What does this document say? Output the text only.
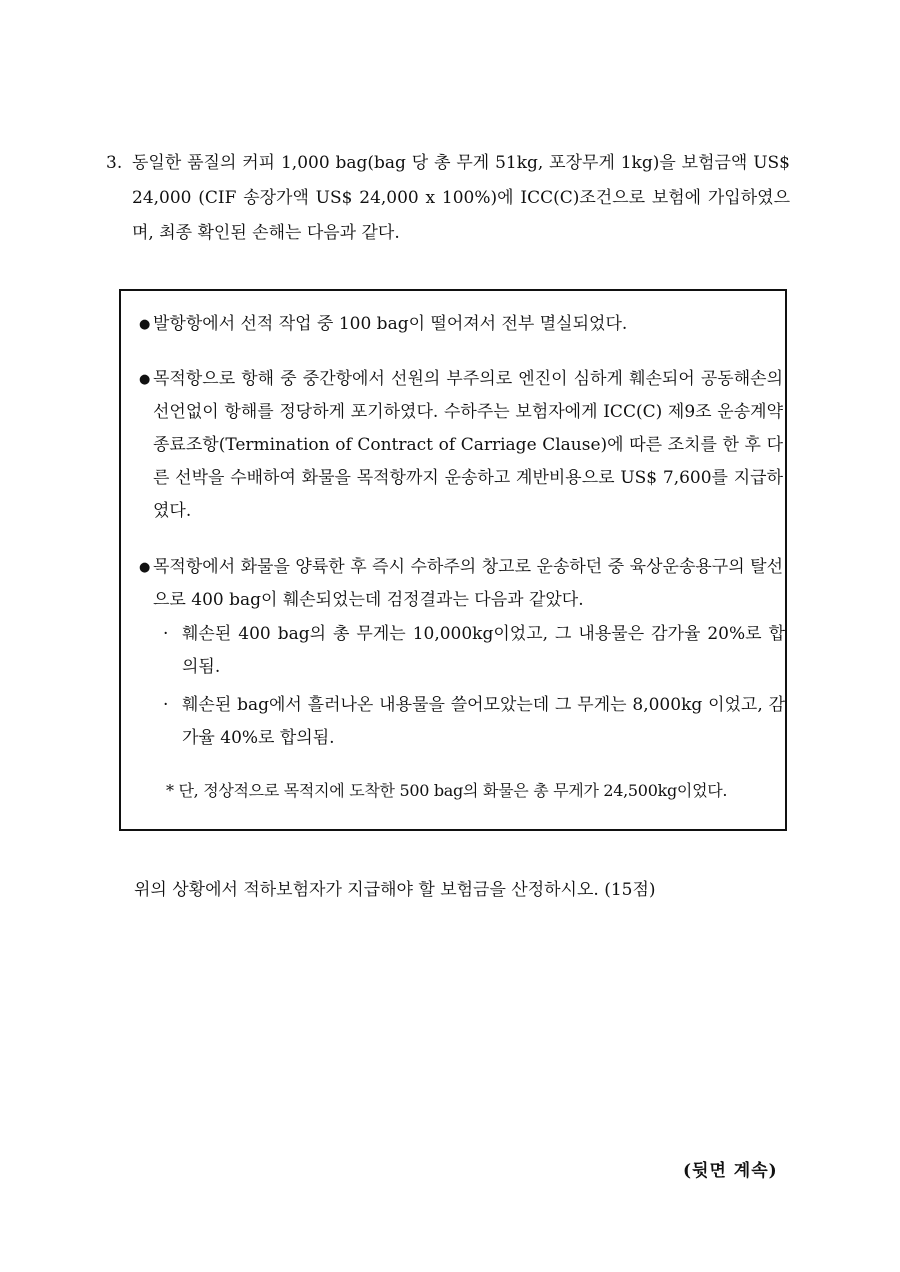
3. 동일한 품질의 커피 1,000 bag(bag 당 총 무게 51kg, 포장무게 1kg)을 보험금액 US$ 24,000 (CIF 송장가액 US$ 24,000 x 100%)에 ICC(C)조건으로 보험에 가입하였으며, 최종 확인된 손해는 다음과 같다.
● 발항항에서 선적 작업 중 100 bag이 떨어져서 전부 멸실되었다.
● 목적항으로 항해 중 중간항에서 선원의 부주의로 엔진이 심하게 훼손되어 공동해손의 선언없이 항해를 정당하게 포기하였다. 수하주는 보험자에게 ICC(C) 제9조 운송계약종료조항(Termination of Contract of Carriage Clause)에 따른 조치를 한 후 다른 선박을 수배하여 화물을 목적항까지 운송하고 계반비용으로 US$ 7,600를 지급하였다.
● 목적항에서 화물을 양륙한 후 즉시 수하주의 창고로 운송하던 중 육상운송용구의 탈선으로 400 bag이 훼손되었는데 검정결과는 다음과 같았다.
· 훼손된 400 bag의 총 무게는 10,000kg이었고, 그 내용물은 감가율 20%로 합의됨.
· 훼손된 bag에서 흘러나온 내용물을 쓸어모았는데 그 무게는 8,000kg 이었고, 감가율 40%로 합의됨.
* 단, 정상적으로 목적지에 도착한 500 bag의 화물은 총 무게가 24,500kg이었다.
위의 상황에서 적하보험자가 지급해야 할 보험금을 산정하시오. (15점)
(뒷면 계속)
